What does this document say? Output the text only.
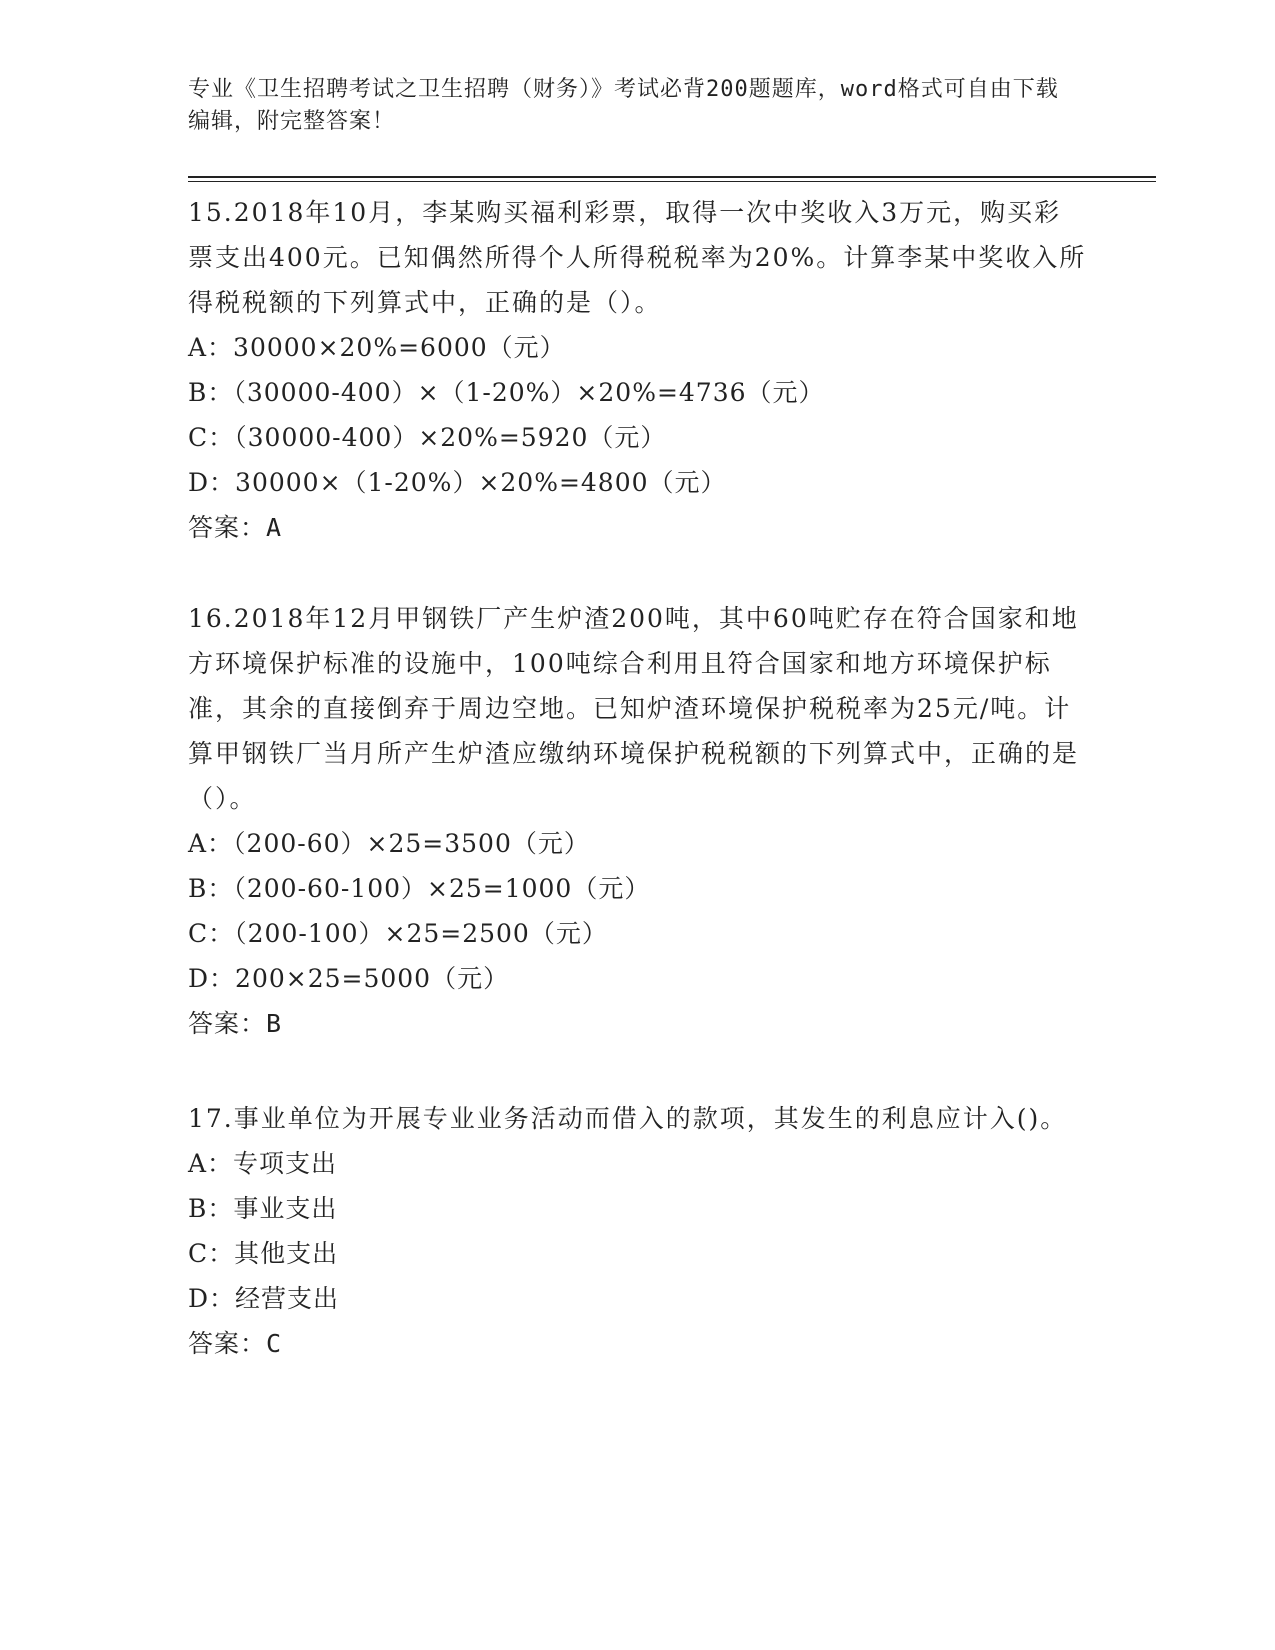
专业《卫生招聘考试之卫生招聘（财务）》考试必背200题题库，word格式可自由下载编辑，附完整答案！

15.2018年10月，李某购买福利彩票，取得一次中奖收入3万元，购买彩票支出400元。已知偶然所得个人所得税税率为20%。计算李某中奖收入所得税税额的下列算式中，正确的是（）。

A：30000×20%=6000（元）

B：（30000-400）×（1-20%）×20%=4736（元）

C：（30000-400）×20%=5920（元）

D：30000×（1-20%）×20%=4800（元）

答案：A

16.2018年12月甲钢铁厂产生炉渣200吨，其中60吨贮存在符合国家和地方环境保护标准的设施中，100吨综合利用且符合国家和地方环境保护标准，其余的直接倒弃于周边空地。已知炉渣环境保护税税率为25元/吨。计算甲钢铁厂当月所产生炉渣应缴纳环境保护税税额的下列算式中，正确的是（）。

A：（200-60）×25=3500（元）

B：（200-60-100）×25=1000（元）

C：（200-100）×25=2500（元）

D：200×25=5000（元）

答案：B

17.事业单位为开展专业业务活动而借入的款项，其发生的利息应计入()。

A：专项支出

B：事业支出

C：其他支出

D：经营支出

答案：C
